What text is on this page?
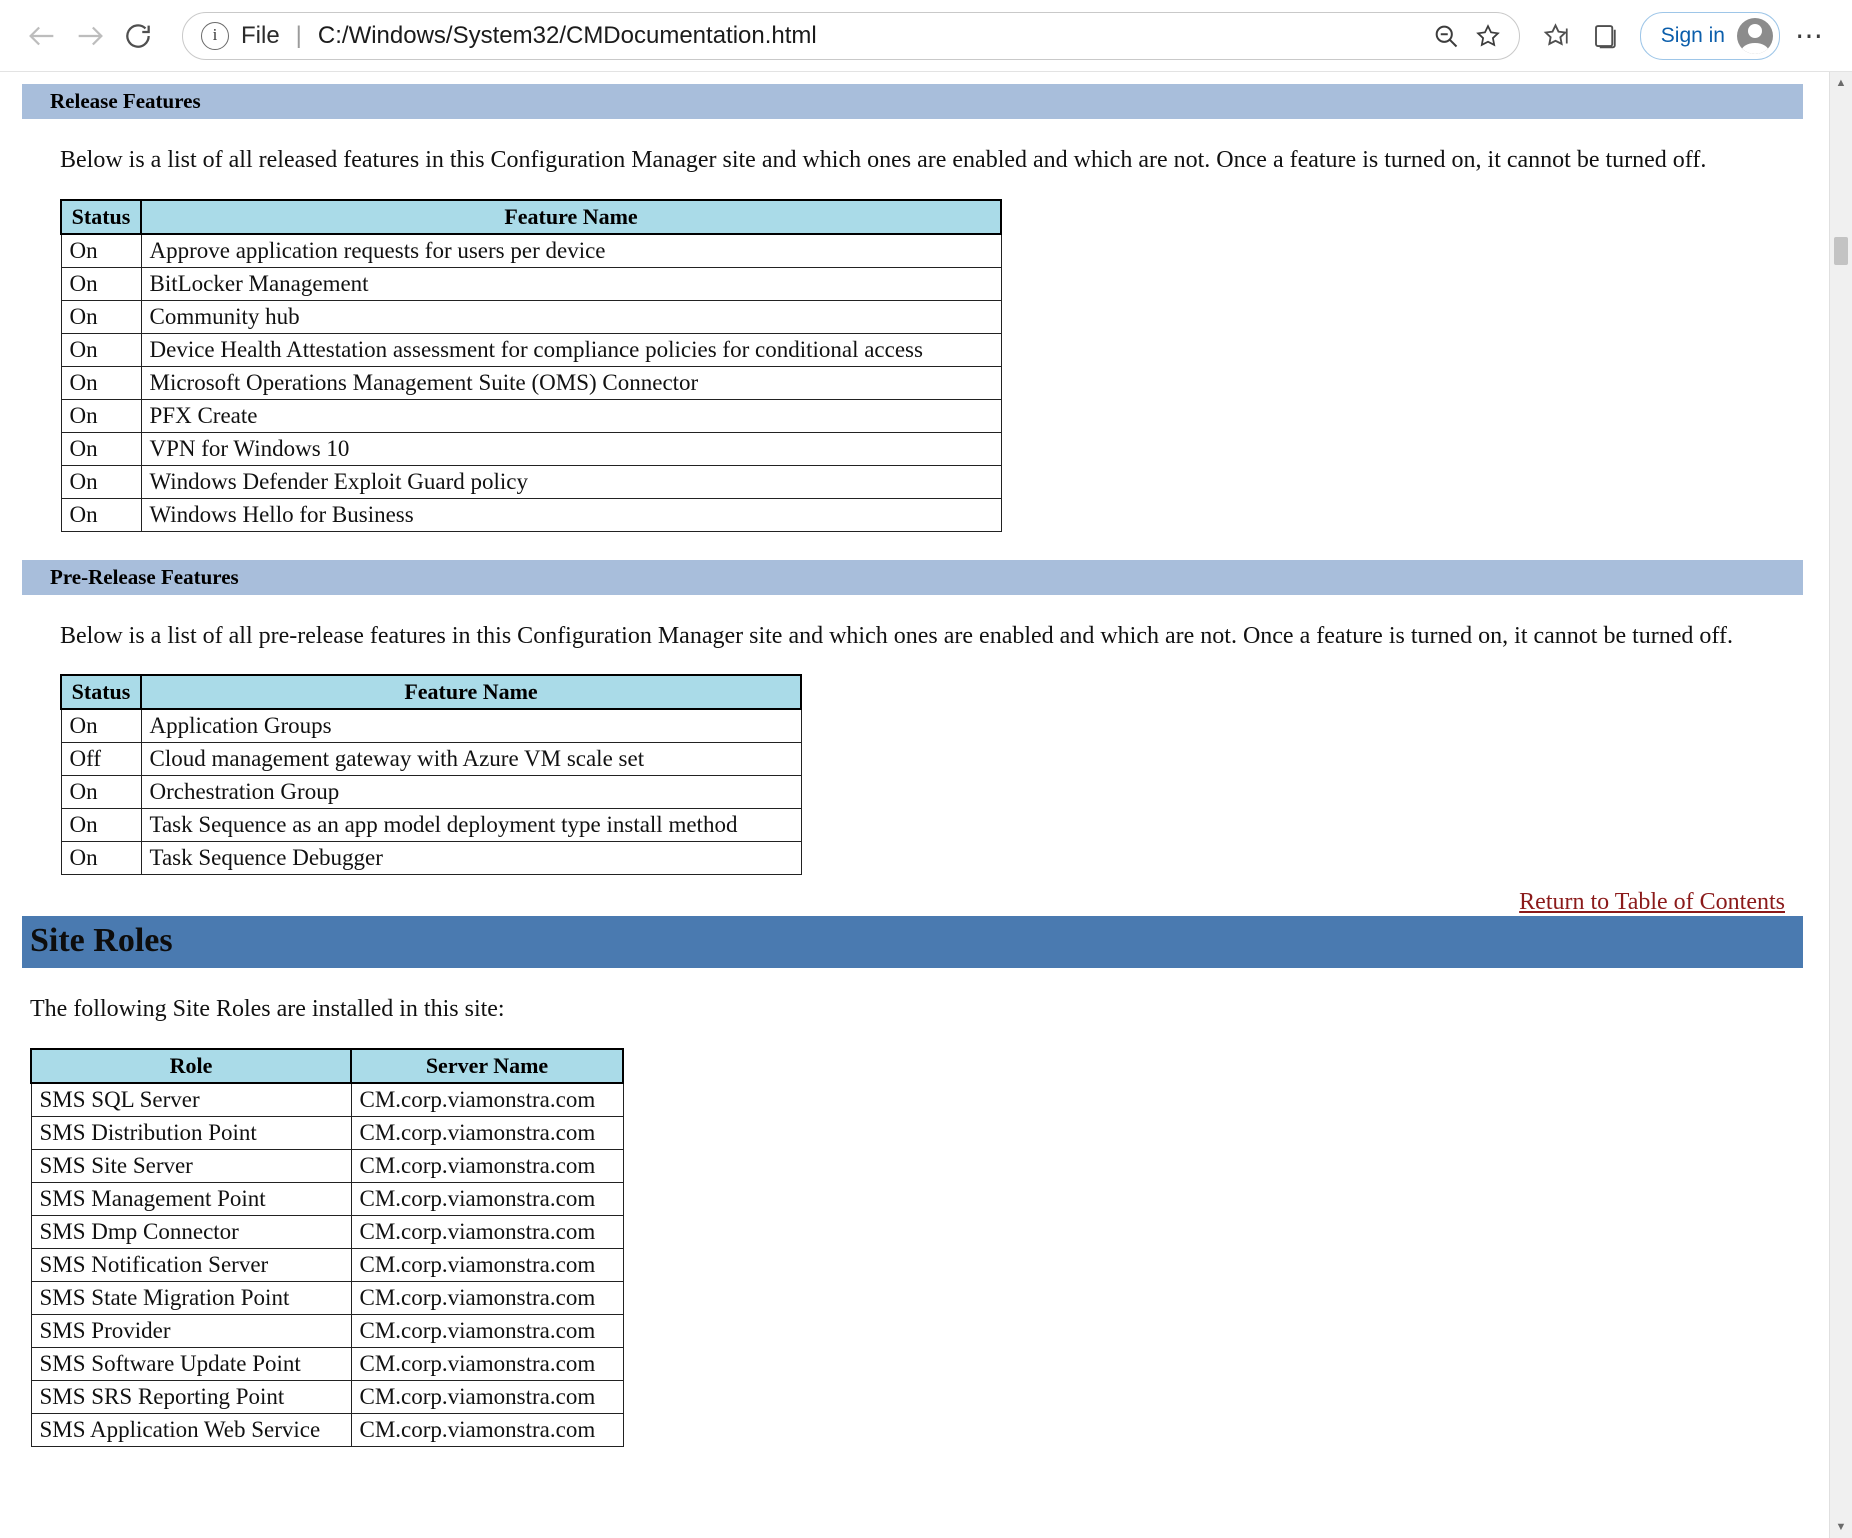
i File | C:/Windows/System32/CMDocumentation.html	Sign in	⋯
Release Features
Below is a list of all released features in this Configuration Manager site and which ones are enabled and which are not. Once a feature is turned on, it cannot be turned off.
Status	Feature Name
On	Approve application requests for users per device
On	BitLocker Management
On	Community hub
On	Device Health Attestation assessment for compliance policies for conditional access
On	Microsoft Operations Management Suite (OMS) Connector
On	PFX Create
On	VPN for Windows 10
On	Windows Defender Exploit Guard policy
On	Windows Hello for Business
Pre-Release Features
Below is a list of all pre-release features in this Configuration Manager site and which ones are enabled and which are not. Once a feature is turned on, it cannot be turned off.
Status	Feature Name
On	Application Groups
Off	Cloud management gateway with Azure VM scale set
On	Orchestration Group
On	Task Sequence as an app model deployment type install method
On	Task Sequence Debugger
Return to Table of Contents
Site Roles
The following Site Roles are installed in this site:
Role	Server Name
SMS SQL Server	CM.corp.viamonstra.com
SMS Distribution Point	CM.corp.viamonstra.com
SMS Site Server	CM.corp.viamonstra.com
SMS Management Point	CM.corp.viamonstra.com
SMS Dmp Connector	CM.corp.viamonstra.com
SMS Notification Server	CM.corp.viamonstra.com
SMS State Migration Point	CM.corp.viamonstra.com
SMS Provider	CM.corp.viamonstra.com
SMS Software Update Point	CM.corp.viamonstra.com
SMS SRS Reporting Point	CM.corp.viamonstra.com
SMS Application Web Service	CM.corp.viamonstra.com
▲
▼
